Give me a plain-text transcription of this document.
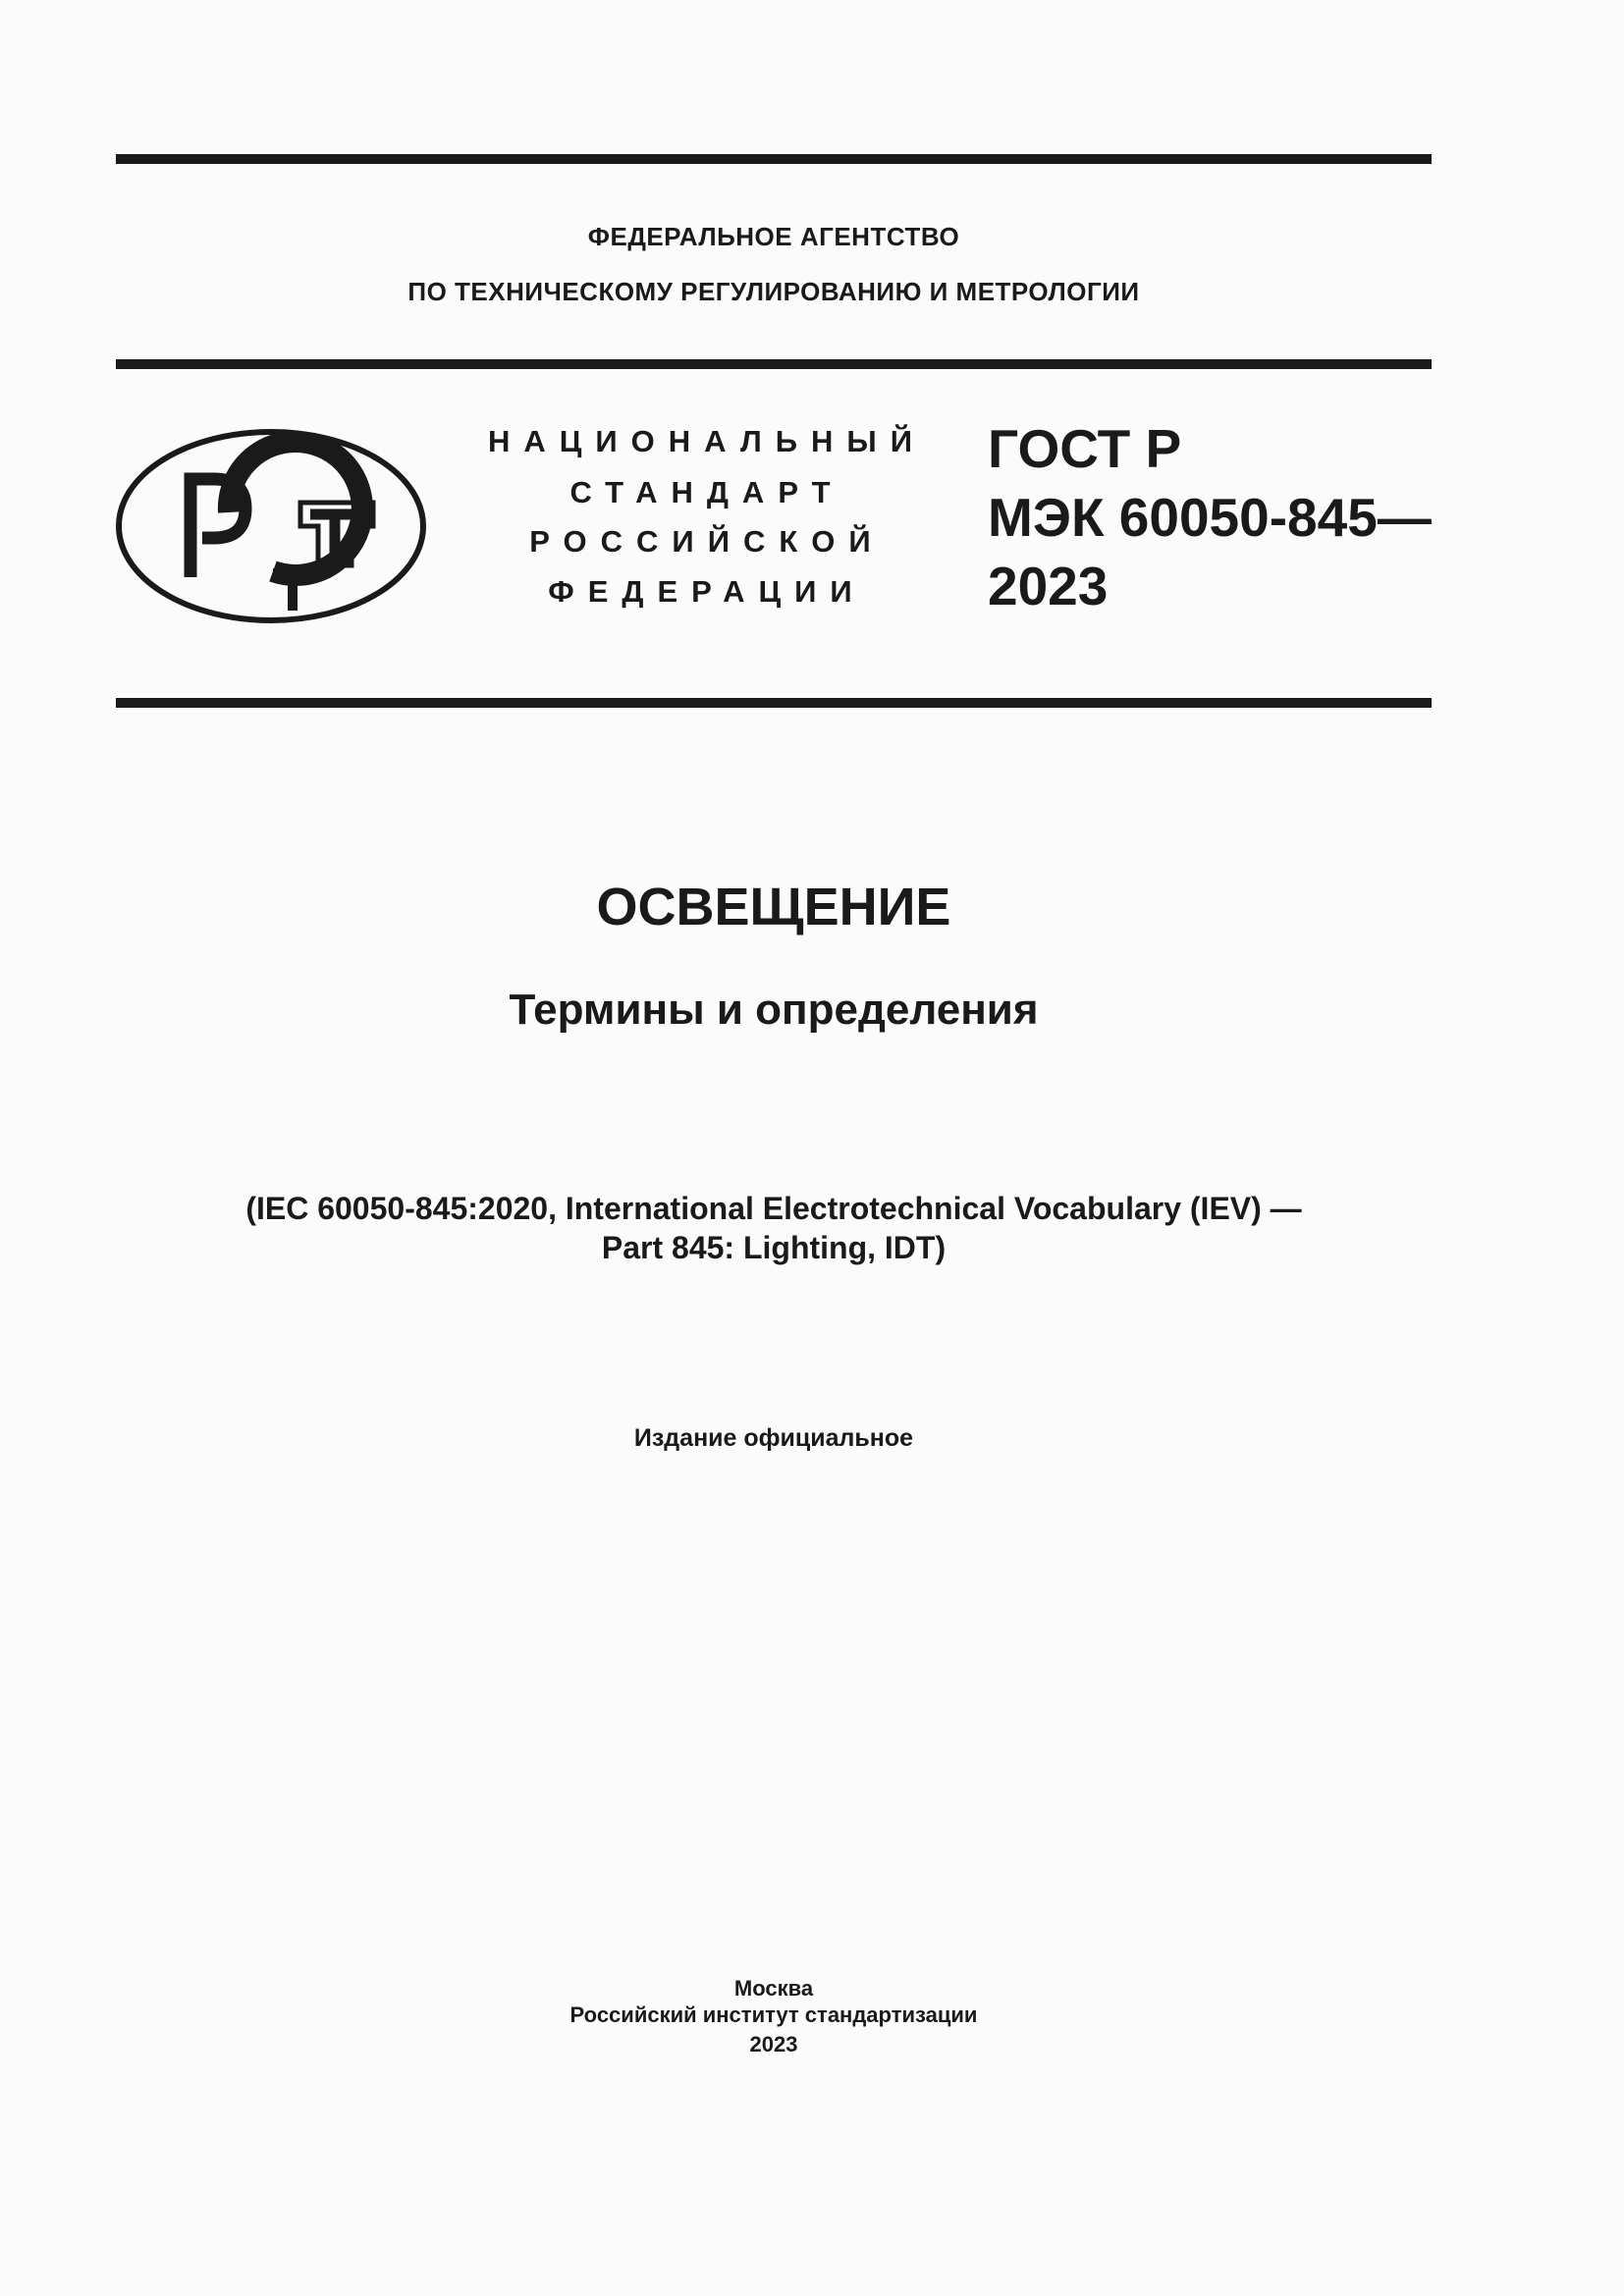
ФЕДЕРАЛЬНОЕ АГЕНТСТВО
ПО ТЕХНИЧЕСКОМУ РЕГУЛИРОВАНИЮ И МЕТРОЛОГИИ
НАЦИОНАЛЬНЫЙ
СТАНДАРТ
РОССИЙСКОЙ
ФЕДЕРАЦИИ
ГОСТ Р
МЭК 60050-845—
2023
ОСВЕЩЕНИЕ
Термины и определения
(IEC 60050-845:2020, International Electrotechnical Vocabulary (IEV) —
Part 845: Lighting, IDT)
Издание официальное
Москва
Российский институт стандартизации
2023
